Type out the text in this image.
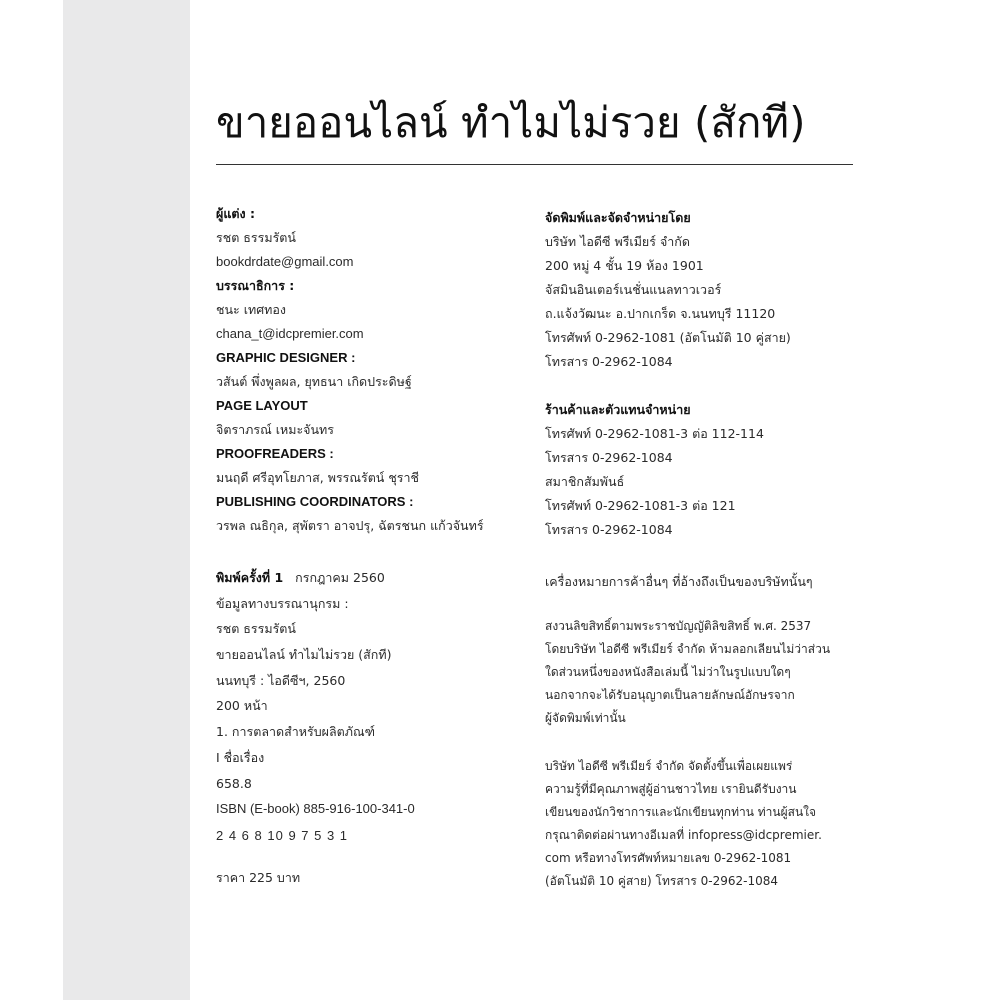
ขายออนไลน์ ทำไมไม่รวย (สักที)
ผู้แต่ง :
รชต ธรรมรัตน์
bookdrdate@gmail.com
บรรณาธิการ :
ชนะ เทศทอง
chana_t@idcpremier.com
GRAPHIC DESIGNER :
วสันต์ พึ่งพูลผล, ยุทธนา เกิดประดิษฐ์
PAGE LAYOUT
จิตราภรณ์ เหมะจันทร
PROOFREADERS :
มนฤดี ศรีอุทโยภาส, พรรณรัตน์ ชุราชี
PUBLISHING COORDINATORS :
วรพล ณธิกุล, สุพัตรา อาจปรุ, ฉัตรชนก แก้วจันทร์
พิมพ์ครั้งที่ 1 กรกฎาคม 2560
ข้อมูลทางบรรณานุกรม :
รชต ธรรมรัตน์
ขายออนไลน์ ทำไมไม่รวย (สักที)
นนทบุรี : ไอดีซีฯ, 2560
200 หน้า
1. การตลาดสำหรับผลิตภัณฑ์
I ชื่อเรื่อง
658.8
ISBN (E-book) 885-916-100-341-0
2 4 6 8 10 9 7 5 3 1
ราคา 225 บาท
จัดพิมพ์และจัดจำหน่ายโดย
บริษัท ไอดีซี พรีเมียร์ จำกัด
200 หมู่ 4 ชั้น 19 ห้อง 1901
จัสมินอินเตอร์เนชั่นแนลทาวเวอร์
ถ.แจ้งวัฒนะ อ.ปากเกร็ด จ.นนทบุรี 11120
โทรศัพท์ 0-2962-1081 (อัตโนมัติ 10 คู่สาย)
โทรสาร 0-2962-1084
ร้านค้าและตัวแทนจำหน่าย
โทรศัพท์ 0-2962-1081-3 ต่อ 112-114
โทรสาร 0-2962-1084
สมาชิกสัมพันธ์
โทรศัพท์ 0-2962-1081-3 ต่อ 121
โทรสาร 0-2962-1084
เครื่องหมายการค้าอื่นๆ ที่อ้างถึงเป็นของบริษัทนั้นๆ
สงวนลิขสิทธิ์ตามพระราชบัญญัติลิขสิทธิ์ พ.ศ. 2537
โดยบริษัท ไอดีซี พรีเมียร์ จำกัด ห้ามลอกเลียนไม่ว่าส่วน
ใดส่วนหนึ่งของหนังสือเล่มนี้ ไม่ว่าในรูปแบบใดๆ
นอกจากจะได้รับอนุญาตเป็นลายลักษณ์อักษรจาก
ผู้จัดพิมพ์เท่านั้น
บริษัท ไอดีซี พรีเมียร์ จำกัด จัดตั้งขึ้นเพื่อเผยแพร่
ความรู้ที่มีคุณภาพสู่ผู้อ่านชาวไทย เรายินดีรับงาน
เขียนของนักวิชาการและนักเขียนทุกท่าน ท่านผู้สนใจ
กรุณาติดต่อผ่านทางอีเมลที่ infopress@idcpremier.
com หรือทางโทรศัพท์หมายเลข 0-2962-1081
(อัตโนมัติ 10 คู่สาย) โทรสาร 0-2962-1084
